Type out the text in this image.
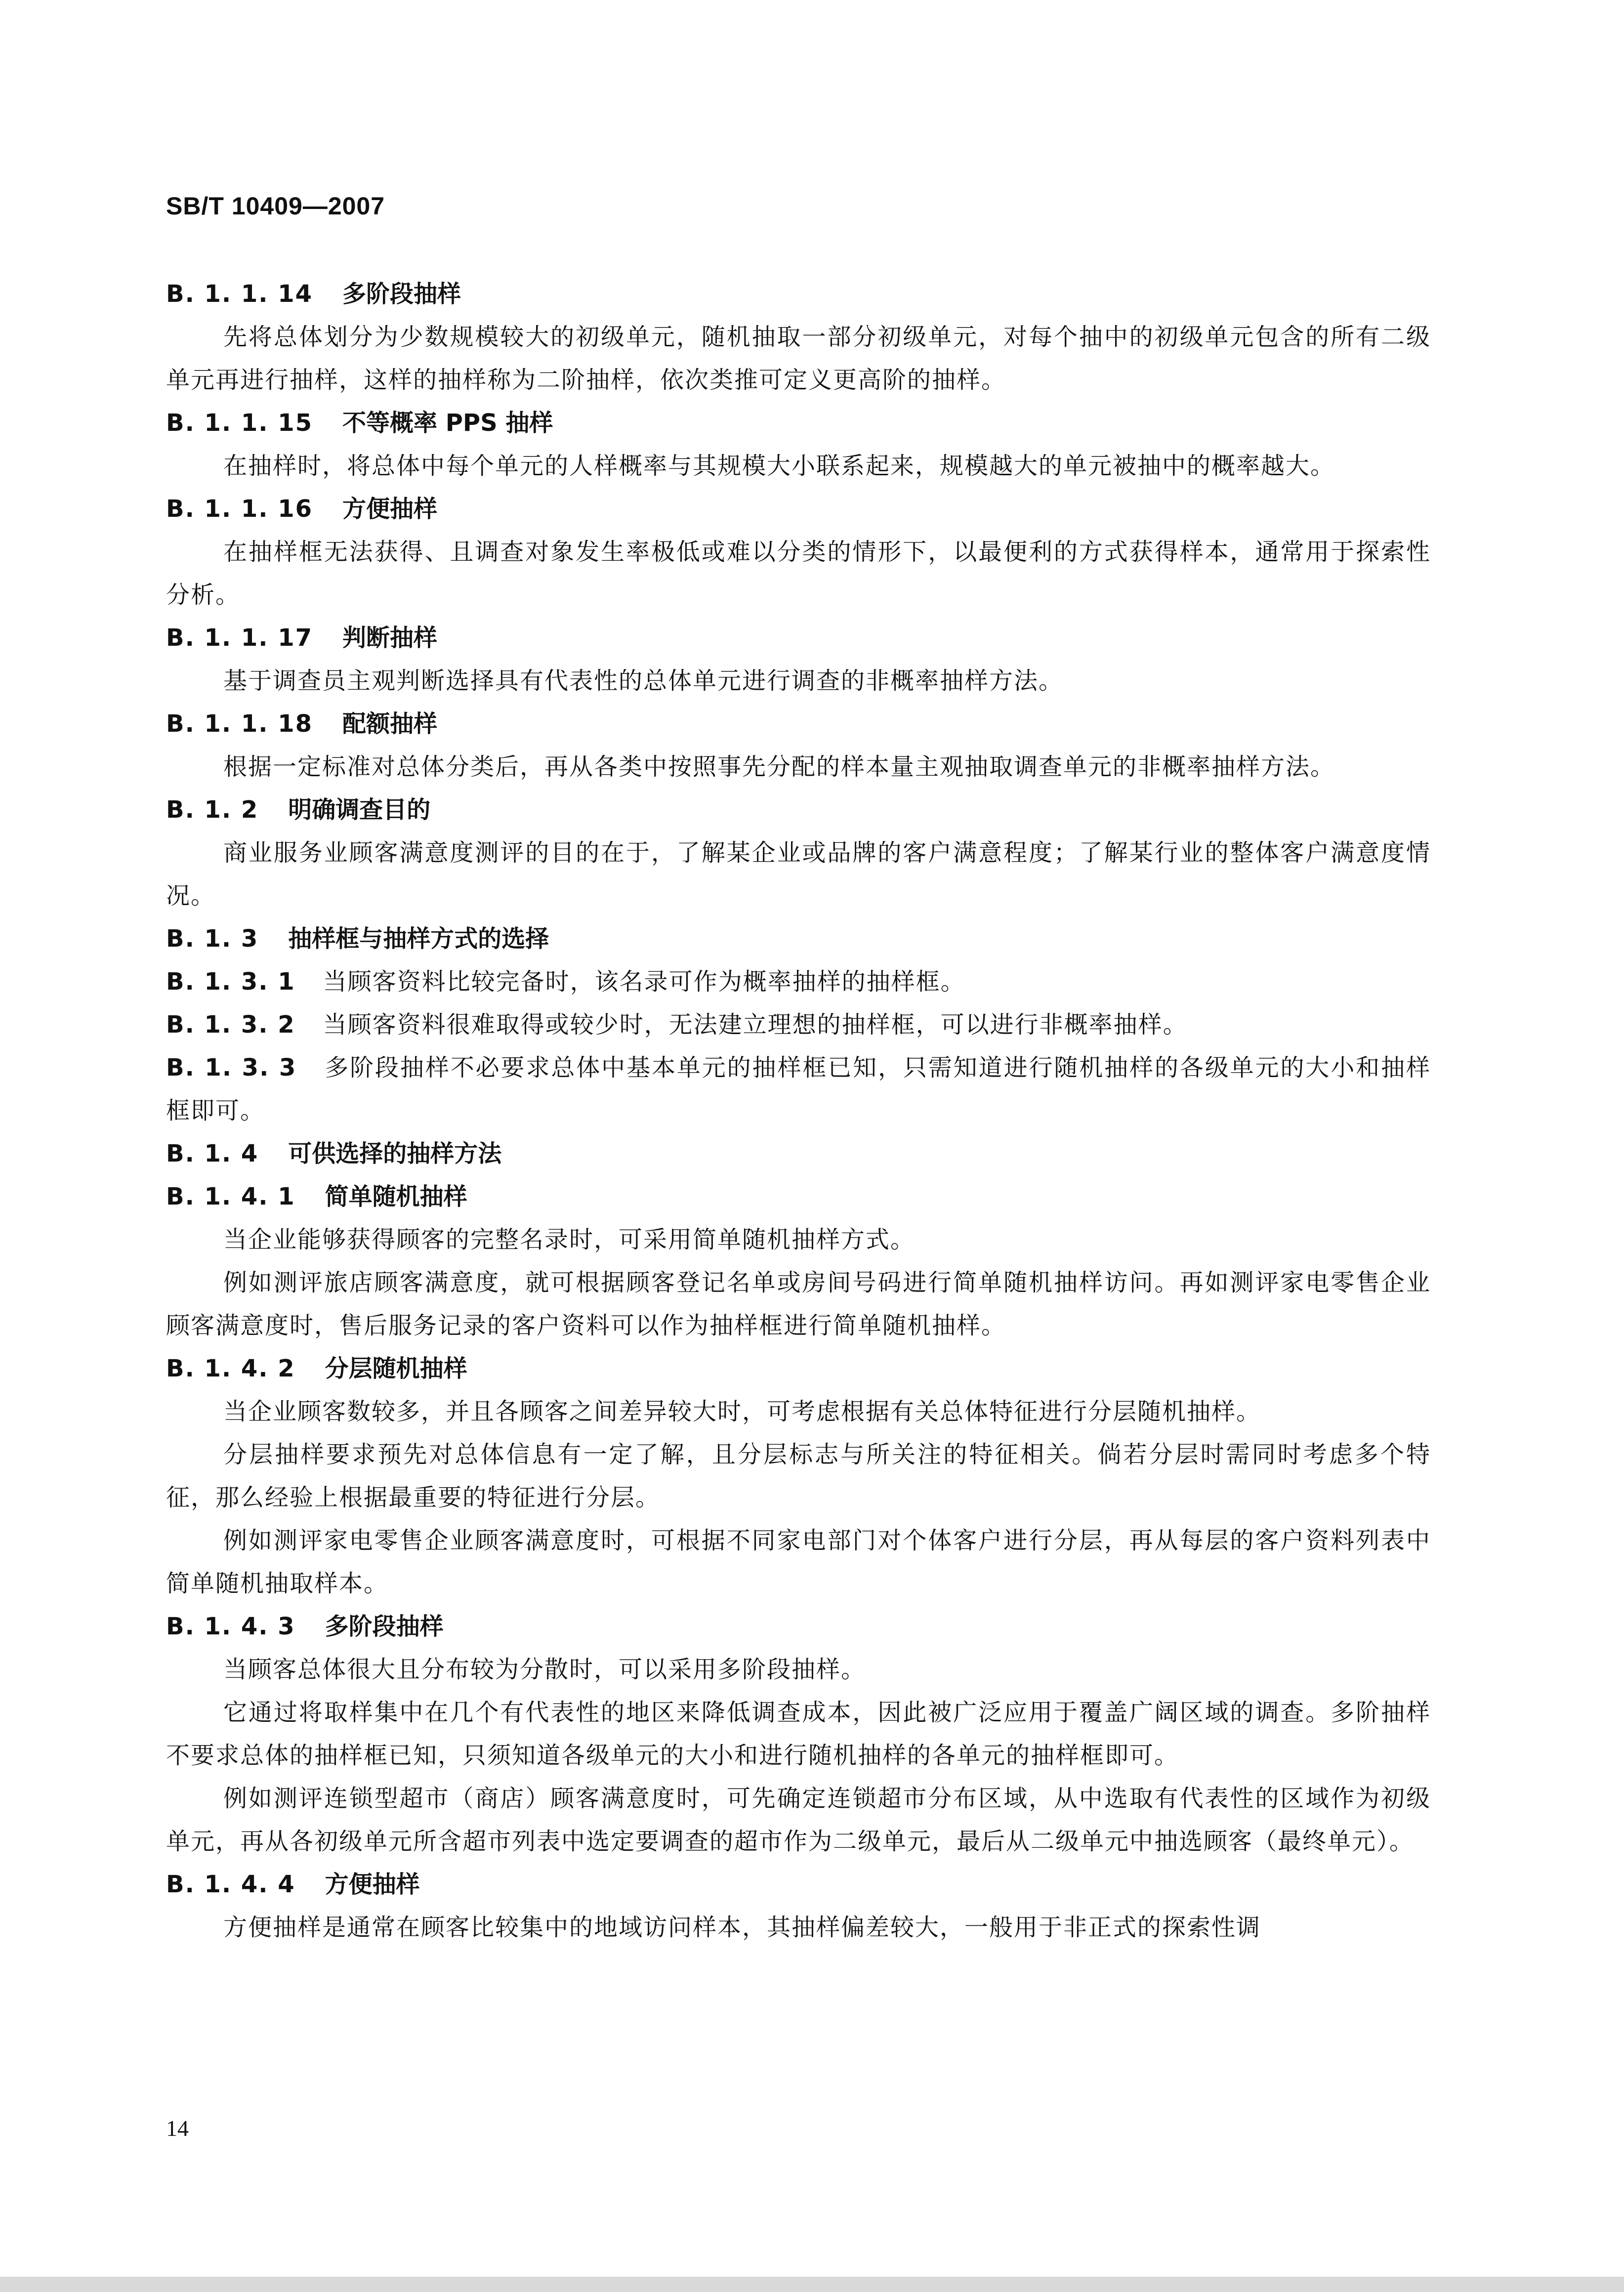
SB/T 10409—2007
B. 1. 1. 14 多阶段抽样
先将总体划分为少数规模较大的初级单元，随机抽取一部分初级单元，对每个抽中的初级单元包含的所有二级单元再进行抽样，这样的抽样称为二阶抽样，依次类推可定义更高阶的抽样。
B. 1. 1. 15 不等概率 PPS 抽样
在抽样时，将总体中每个单元的人样概率与其规模大小联系起来，规模越大的单元被抽中的概率越大。
B. 1. 1. 16 方便抽样
在抽样框无法获得、且调查对象发生率极低或难以分类的情形下，以最便利的方式获得样本，通常用于探索性分析。
B. 1. 1. 17 判断抽样
基于调查员主观判断选择具有代表性的总体单元进行调查的非概率抽样方法。
B. 1. 1. 18 配额抽样
根据一定标准对总体分类后，再从各类中按照事先分配的样本量主观抽取调查单元的非概率抽样方法。
B. 1. 2 明确调查目的
商业服务业顾客满意度测评的目的在于，了解某企业或品牌的客户满意程度；了解某行业的整体客户满意度情况。
B. 1. 3 抽样框与抽样方式的选择
B. 1. 3. 1 当顾客资料比较完备时，该名录可作为概率抽样的抽样框。
B. 1. 3. 2 当顾客资料很难取得或较少时，无法建立理想的抽样框，可以进行非概率抽样。
B. 1. 3. 3 多阶段抽样不必要求总体中基本单元的抽样框已知，只需知道进行随机抽样的各级单元的大小和抽样框即可。
B. 1. 4 可供选择的抽样方法
B. 1. 4. 1 简单随机抽样
当企业能够获得顾客的完整名录时，可采用简单随机抽样方式。
例如测评旅店顾客满意度，就可根据顾客登记名单或房间号码进行简单随机抽样访问。再如测评家电零售企业顾客满意度时，售后服务记录的客户资料可以作为抽样框进行简单随机抽样。
B. 1. 4. 2 分层随机抽样
当企业顾客数较多，并且各顾客之间差异较大时，可考虑根据有关总体特征进行分层随机抽样。
分层抽样要求预先对总体信息有一定了解，且分层标志与所关注的特征相关。倘若分层时需同时考虑多个特征，那么经验上根据最重要的特征进行分层。
例如测评家电零售企业顾客满意度时，可根据不同家电部门对个体客户进行分层，再从每层的客户资料列表中简单随机抽取样本。
B. 1. 4. 3 多阶段抽样
当顾客总体很大且分布较为分散时，可以采用多阶段抽样。
它通过将取样集中在几个有代表性的地区来降低调查成本，因此被广泛应用于覆盖广阔区域的调查。多阶抽样不要求总体的抽样框已知，只须知道各级单元的大小和进行随机抽样的各单元的抽样框即可。
例如测评连锁型超市（商店）顾客满意度时，可先确定连锁超市分布区域，从中选取有代表性的区域作为初级单元，再从各初级单元所含超市列表中选定要调查的超市作为二级单元，最后从二级单元中抽选顾客（最终单元）。
B. 1. 4. 4 方便抽样
方便抽样是通常在顾客比较集中的地域访问样本，其抽样偏差较大，一般用于非正式的探索性调
14
